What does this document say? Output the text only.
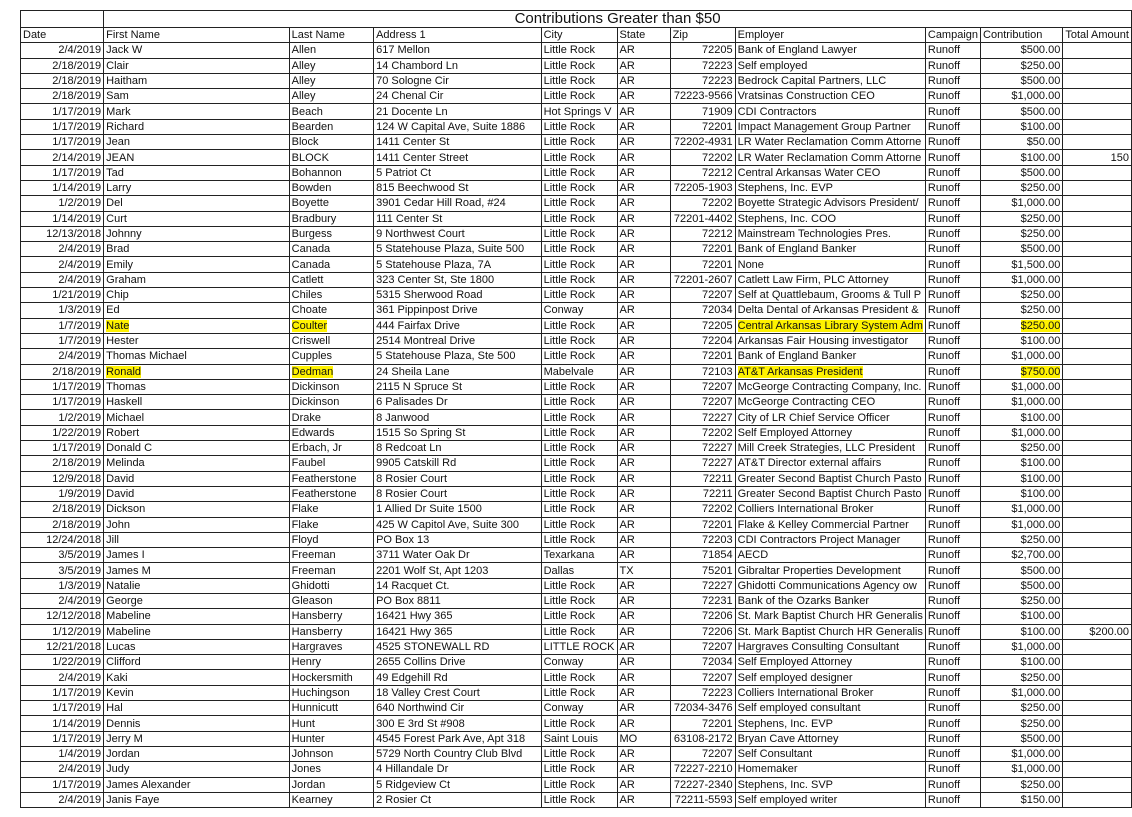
	Contributions Greater than $50									
Date	First Name	Last Name	Address 1	City	State	Zip	Employer	Campaign	Contribution	Total Amount
2/4/2019	Jack W	Allen	617 Mellon	Little Rock	AR	72205	Bank of England Lawyer	Runoff	$500.00	
2/18/2019	Clair	Alley	14 Chambord Ln	Little Rock	AR	72223	Self employed	Runoff	$250.00	
2/18/2019	Haitham	Alley	70 Sologne Cir	Little Rock	AR	72223	Bedrock Capital Partners, LLC	Runoff	$500.00	
2/18/2019	Sam	Alley	24 Chenal Cir	Little Rock	AR	72223-9566	Vratsinas Construction CEO	Runoff	$1,000.00	
1/17/2019	Mark	Beach	21 Docente Ln	Hot Springs V	AR	71909	CDI Contractors	Runoff	$500.00	
1/17/2019	Richard	Bearden	124 W Capital Ave, Suite 1886	Little Rock	AR	72201	Impact Management Group Partner	Runoff	$100.00	
1/17/2019	Jean	Block	1411 Center St	Little Rock	AR	72202-4931	LR Water Reclamation Comm Attorne	Runoff	$50.00	
2/14/2019	JEAN	BLOCK	1411 Center Street	Little Rock	AR	72202	LR Water Reclamation Comm Attorne	Runoff	$100.00	150
1/17/2019	Tad	Bohannon	5 Patriot Ct	Little Rock	AR	72212	Central Arkansas Water CEO	Runoff	$500.00	
1/14/2019	Larry	Bowden	815 Beechwood St	Little Rock	AR	72205-1903	Stephens, Inc. EVP	Runoff	$250.00	
1/2/2019	Del	Boyette	3901 Cedar Hill Road, #24	Little Rock	AR	72202	Boyette Strategic Advisors President/	Runoff	$1,000.00	
1/14/2019	Curt	Bradbury	111 Center St	Little Rock	AR	72201-4402	Stephens, Inc. COO	Runoff	$250.00	
12/13/2018	Johnny	Burgess	9 Northwest Court	Little Rock	AR	72212	Mainstream Technologies Pres.	Runoff	$250.00	
2/4/2019	Brad	Canada	5 Statehouse Plaza, Suite 500	Little Rock	AR	72201	Bank of England Banker	Runoff	$500.00	
2/4/2019	Emily	Canada	5 Statehouse Plaza, 7A	Little Rock	AR	72201	None	Runoff	$1,500.00	
2/4/2019	Graham	Catlett	323 Center St, Ste 1800	Little Rock	AR	72201-2607	Catlett Law Firm, PLC Attorney	Runoff	$1,000.00	
1/21/2019	Chip	Chiles	5315 Sherwood Road	Little Rock	AR	72207	Self at Quattlebaum, Grooms & Tull P	Runoff	$250.00	
1/3/2019	Ed	Choate	361 Pippinpost Drive	Conway	AR	72034	Delta Dental of Arkansas President &	Runoff	$250.00	
1/7/2019	Nate	Coulter	444 Fairfax Drive	Little Rock	AR	72205	Central Arkansas Library System Adm	Runoff	$250.00	
1/7/2019	Hester	Criswell	2514 Montreal Drive	Little Rock	AR	72204	Arkansas Fair Housing investigator	Runoff	$100.00	
2/4/2019	Thomas Michael	Cupples	5 Statehouse Plaza, Ste 500	Little Rock	AR	72201	Bank of England Banker	Runoff	$1,000.00	
2/18/2019	Ronald	Dedman	24 Sheila Lane	Mabelvale	AR	72103	AT&T Arkansas President	Runoff	$750.00	
1/17/2019	Thomas	Dickinson	2115 N Spruce St	Little Rock	AR	72207	McGeorge Contracting Company, Inc.	Runoff	$1,000.00	
1/17/2019	Haskell	Dickinson	6 Palisades Dr	Little Rock	AR	72207	McGeorge Contracting CEO	Runoff	$1,000.00	
1/2/2019	Michael	Drake	8 Janwood	Little Rock	AR	72227	City of LR Chief Service Officer	Runoff	$100.00	
1/22/2019	Robert	Edwards	1515 So Spring St	Little Rock	AR	72202	Self Employed Attorney	Runoff	$1,000.00	
1/17/2019	Donald C	Erbach, Jr	8 Redcoat Ln	Little Rock	AR	72227	Mill Creek Strategies, LLC President	Runoff	$250.00	
2/18/2019	Melinda	Faubel	9905 Catskill Rd	Little Rock	AR	72227	AT&T Director external affairs	Runoff	$100.00	
12/9/2018	David	Featherstone	8 Rosier Court	Little Rock	AR	72211	Greater Second Baptist Church Pasto	Runoff	$100.00	
1/9/2019	David	Featherstone	8 Rosier Court	Little Rock	AR	72211	Greater Second Baptist Church Pasto	Runoff	$100.00	
2/18/2019	Dickson	Flake	1 Allied Dr Suite 1500	Little Rock	AR	72202	Colliers International Broker	Runoff	$1,000.00	
2/18/2019	John	Flake	425 W Capitol Ave, Suite 300	Little Rock	AR	72201	Flake & Kelley Commercial Partner	Runoff	$1,000.00	
12/24/2018	Jill	Floyd	PO Box 13	Little Rock	AR	72203	CDI Contractors Project Manager	Runoff	$250.00	
3/5/2019	James I	Freeman	3711 Water Oak Dr	Texarkana	AR	71854	AECD	Runoff	$2,700.00	
3/5/2019	James M	Freeman	2201 Wolf St, Apt 1203	Dallas	TX	75201	Gibraltar Properties Development	Runoff	$500.00	
1/3/2019	Natalie	Ghidotti	14 Racquet Ct.	Little Rock	AR	72227	Ghidotti Communications Agency ow	Runoff	$500.00	
2/4/2019	George	Gleason	PO Box 8811	Little Rock	AR	72231	Bank of the Ozarks Banker	Runoff	$250.00	
12/12/2018	Mabeline	Hansberry	16421 Hwy 365	Little Rock	AR	72206	St. Mark Baptist Church HR Generalis	Runoff	$100.00	
1/12/2019	Mabeline	Hansberry	16421 Hwy 365	Little Rock	AR	72206	St. Mark Baptist Church HR Generalis	Runoff	$100.00	$200.00
12/21/2018	Lucas	Hargraves	4525 STONEWALL RD	LITTLE ROCK	AR	72207	Hargraves Consulting Consultant	Runoff	$1,000.00	
1/22/2019	Clifford	Henry	2655 Collins Drive	Conway	AR	72034	Self Employed Attorney	Runoff	$100.00	
2/4/2019	Kaki	Hockersmith	49 Edgehill Rd	Little Rock	AR	72207	Self employed designer	Runoff	$250.00	
1/17/2019	Kevin	Huchingson	18 Valley Crest Court	Little Rock	AR	72223	Colliers International Broker	Runoff	$1,000.00	
1/17/2019	Hal	Hunnicutt	640 Northwind Cir	Conway	AR	72034-3476	Self employed consultant	Runoff	$250.00	
1/14/2019	Dennis	Hunt	300 E 3rd St #908	Little Rock	AR	72201	Stephens, Inc. EVP	Runoff	$250.00	
1/17/2019	Jerry M	Hunter	4545 Forest Park Ave, Apt 318	Saint Louis	MO	63108-2172	Bryan Cave Attorney	Runoff	$500.00	
1/4/2019	Jordan	Johnson	5729 North Country Club Blvd	Little Rock	AR	72207	Self Consultant	Runoff	$1,000.00	
2/4/2019	Judy	Jones	4 Hillandale Dr	Little Rock	AR	72227-2210	Homemaker	Runoff	$1,000.00	
1/17/2019	James Alexander	Jordan	5 Ridgeview Ct	Little Rock	AR	72227-2340	Stephens, Inc. SVP	Runoff	$250.00	
2/4/2019	Janis Faye	Kearney	2 Rosier Ct	Little Rock	AR	72211-5593	Self employed writer	Runoff	$150.00	
